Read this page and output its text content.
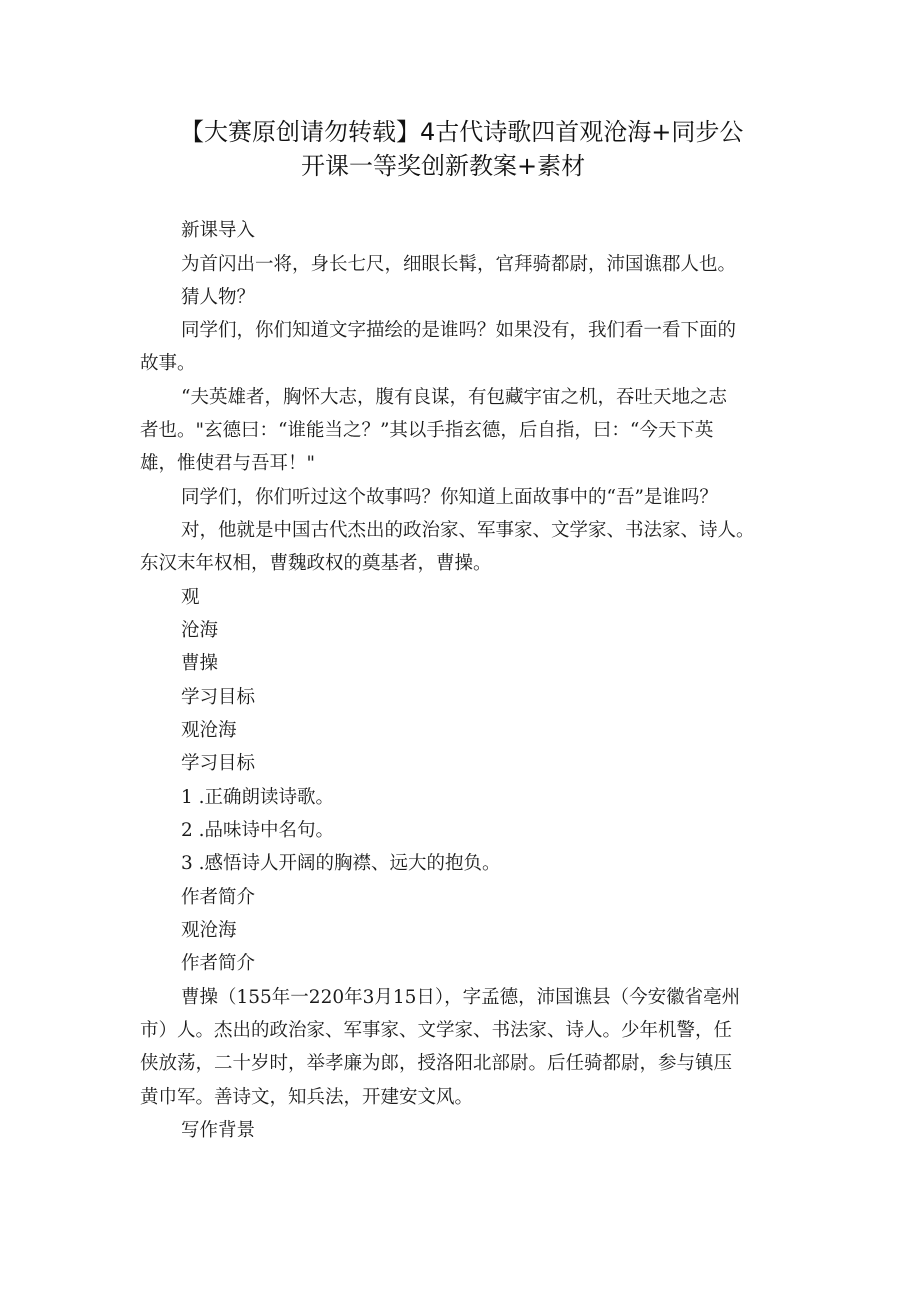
【大赛原创请勿转载】4古代诗歌四首观沧海+同步公
开课一等奖创新教案+素材
新课导入
为首闪出一将，身长七尺，细眼长髯，官拜骑都尉，沛国谯郡人也。
猜人物？
同学们，你们知道文字描绘的是谁吗？如果没有，我们看一看下面的
故事。
“夫英雄者，胸怀大志，腹有良谋，有包藏宇宙之机，吞吐天地之志
者也。"玄德曰：“谁能当之？”其以手指玄德，后自指，曰：“今天下英
雄，惟使君与吾耳！"
同学们，你们听过这个故事吗？你知道上面故事中的“吾”是谁吗？
对，他就是中国古代杰出的政治家、军事家、文学家、书法家、诗人。
东汉末年权相，曹魏政权的奠基者，曹操。
观
沧海
曹操
学习目标
观沧海
学习目标
1 .正确朗读诗歌。
2 .品味诗中名句。
3 .感悟诗人开阔的胸襟、远大的抱负。
作者简介
观沧海
作者简介
曹操（155年一220年3月15日），字孟德，沛国谯县（今安徽省亳州
市）人。杰出的政治家、军事家、文学家、书法家、诗人。少年机警，任
侠放荡，二十岁时，举孝廉为郎，授洛阳北部尉。后任骑都尉，参与镇压
黄巾军。善诗文，知兵法，开建安文风。
写作背景
